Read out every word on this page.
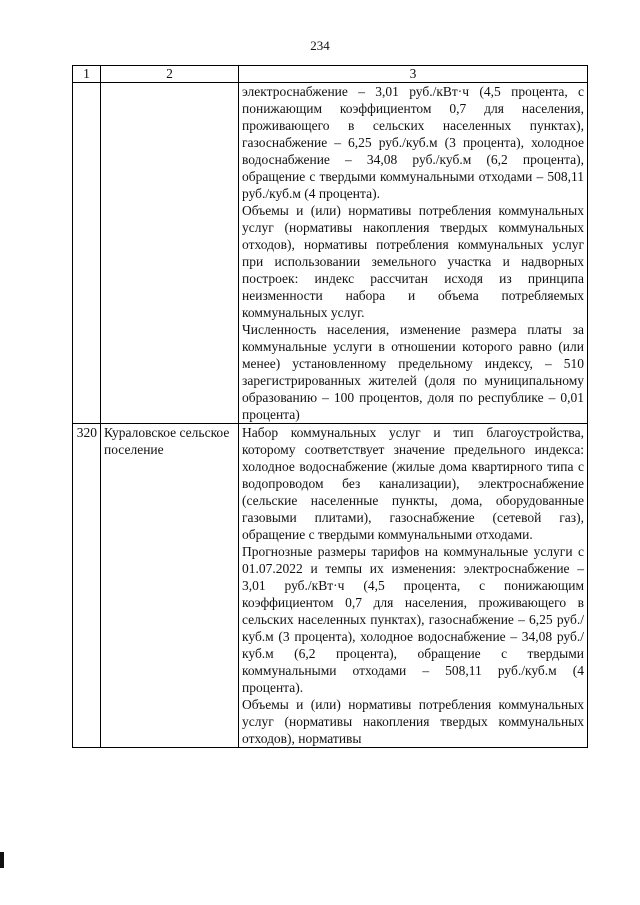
234
1	2	3

		электроснабжение – 3,01 руб./кВт·ч (4,5 процента, с понижающим коэффициентом 0,7 для населения, проживающего в сельских населенных пунктах), газоснабжение – 6,25 руб./куб.м (3 процента), холодное водоснабжение – 34,08 руб./куб.м (6,2 процента), обращение с твердыми коммунальными отходами – 508,11 руб./куб.м (4 процента).

Объемы и (или) нормативы потребления коммунальных услуг (нормативы накопления твердых коммунальных отходов), нормативы потребления коммунальных услуг при использовании земельного участка и надворных построек: индекс рассчитан исходя из принципа неизменности набора и объема потребляемых коммунальных услуг.

Численность населения, изменение размера платы за коммунальные услуги в отношении которого равно (или менее) установленному предельному индексу, – 510 зарегистрированных жителей (доля по муниципальному образованию – 100 процентов, доля по республике – 0,01 процента)

320	Кураловское сельское поселение	Набор коммунальных услуг и тип благоустройства, которому соответствует значение предельного индекса: холодное водоснабжение (жилые дома квартирного типа с водопроводом без канализации), электроснабжение (сельские населенные пункты, дома, оборудованные газовыми плитами), газоснабжение (сетевой газ), обращение с твердыми коммунальными отходами.

Прогнозные размеры тарифов на коммунальные услуги с 01.07.2022 и темпы их изменения: электроснабжение – 3,01 руб./кВт·ч (4,5 процента, с понижающим коэффициентом 0,7 для населения, проживающего в сельских населенных пунктах), газоснабжение – 6,25 руб./куб.м (3 процента), холодное водоснабжение – 34,08 руб./куб.м (6,2 процента), обращение с твердыми коммунальными отходами – 508,11 руб./куб.м (4 процента).

Объемы и (или) нормативы потребления коммунальных услуг (нормативы накопления твердых коммунальных отходов), нормативы
